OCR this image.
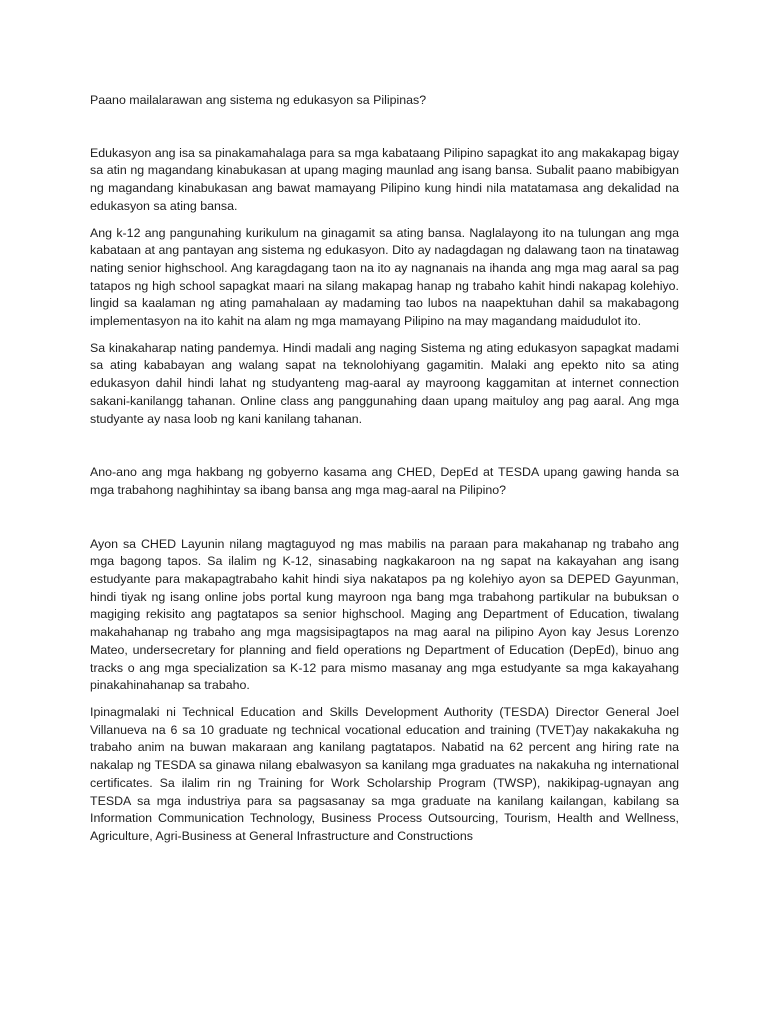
Paano mailalarawan ang sistema ng edukasyon sa Pilipinas?

Edukasyon ang isa sa pinakamahalaga para sa mga kabataang Pilipino sapagkat ito ang makakapag bigay sa atin ng magandang kinabukasan at upang maging maunlad ang isang bansa. Subalit paano mabibigyan ng magandang kinabukasan ang bawat mamayang Pilipino kung hindi nila matatamasa ang dekalidad na edukasyon sa ating bansa.

Ang k-12 ang pangunahing kurikulum na ginagamit sa ating bansa. Naglalayong ito na tulungan ang mga kabataan at ang pantayan ang sistema ng edukasyon. Dito ay nadagdagan ng dalawang taon na tinatawag nating senior highschool. Ang karagdagang taon na ito ay nagnanais na ihanda ang mga mag aaral sa pag tatapos ng high school sapagkat maari na silang makapag hanap ng trabaho kahit hindi nakapag kolehiyo. lingid sa kaalaman ng ating pamahalaan ay madaming tao lubos na naapektuhan dahil sa makabagong implementasyon na ito kahit na alam ng mga mamayang Pilipino na may magandang maidudulot ito.

Sa kinakaharap nating pandemya. Hindi madali ang naging Sistema ng ating edukasyon sapagkat madami sa ating kababayan ang walang sapat na teknolohiyang gagamitin. Malaki ang epekto nito sa ating edukasyon dahil hindi lahat ng studyanteng mag-aaral ay mayroong kaggamitan at internet connection sakani-kanilangg tahanan. Online class ang panggunahing daan upang maituloy ang pag aaral. Ang mga studyante ay nasa loob ng kani kanilang tahanan.

Ano-ano ang mga hakbang ng gobyerno kasama ang CHED, DepEd at TESDA upang gawing handa sa mga trabahong naghihintay sa ibang bansa ang mga mag-aaral na Pilipino?

Ayon sa CHED Layunin nilang magtaguyod ng mas mabilis na paraan para makahanap ng trabaho ang mga bagong tapos. Sa ilalim ng K-12, sinasabing nagkakaroon na ng sapat na kakayahan ang isang estudyante para makapagtrabaho kahit hindi siya nakatapos pa ng kolehiyo ayon sa DEPED Gayunman, hindi tiyak ng isang online jobs portal kung mayroon nga bang mga trabahong partikular na bubuksan o magiging rekisito ang pagtatapos sa senior highschool. Maging ang Department of Education, tiwalang makahahanap ng trabaho ang mga magsisipagtapos na mag aaral na pilipino Ayon kay Jesus Lorenzo Mateo, undersecretary for planning and field operations ng Department of Education (DepEd), binuo ang tracks o ang mga specialization sa K-12 para mismo masanay ang mga estudyante sa mga kakayahang pinakahinahanap sa trabaho.

Ipinagmalaki ni Technical Education and Skills Development Authority (TESDA) Director General Joel Villanueva na 6 sa 10 graduate ng technical vocational education and training (TVET)ay nakakakuha ng trabaho anim na buwan makaraan ang kanilang pagtatapos. Nabatid na 62 percent ang hiring rate na nakalap ng TESDA sa ginawa nilang ebalwasyon sa kanilang mga graduates na nakakuha ng international certificates. Sa ilalim rin ng Training for Work Scholarship Program (TWSP), nakikipag-ugnayan ang TESDA sa mga industriya para sa pagsasanay sa mga graduate na kanilang kailangan, kabilang sa Information Communication Technology, Business Process Outsourcing, Tourism, Health and Wellness, Agriculture, Agri-Business at General Infrastructure and Constructions
